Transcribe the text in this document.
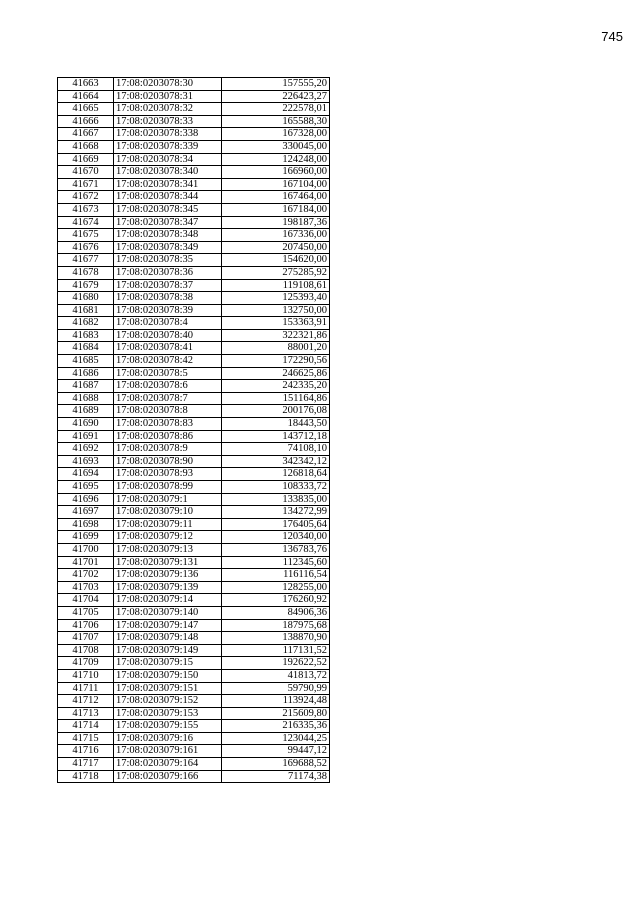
745
41663	17:08:0203078:30	157555,20
41664	17:08:0203078:31	226423,27
41665	17:08:0203078:32	222578,01
41666	17:08:0203078:33	165588,30
41667	17:08:0203078:338	167328,00
41668	17:08:0203078:339	330045,00
41669	17:08:0203078:34	124248,00
41670	17:08:0203078:340	166960,00
41671	17:08:0203078:341	167104,00
41672	17:08:0203078:344	167464,00
41673	17:08:0203078:345	167184,00
41674	17:08:0203078:347	198187,36
41675	17:08:0203078:348	167336,00
41676	17:08:0203078:349	207450,00
41677	17:08:0203078:35	154620,00
41678	17:08:0203078:36	275285,92
41679	17:08:0203078:37	119108,61
41680	17:08:0203078:38	125393,40
41681	17:08:0203078:39	132750,00
41682	17:08:0203078:4	153363,91
41683	17:08:0203078:40	322321,86
41684	17:08:0203078:41	88001,20
41685	17:08:0203078:42	172290,56
41686	17:08:0203078:5	246625,86
41687	17:08:0203078:6	242335,20
41688	17:08:0203078:7	151164,86
41689	17:08:0203078:8	200176,08
41690	17:08:0203078:83	18443,50
41691	17:08:0203078:86	143712,18
41692	17:08:0203078:9	74108,10
41693	17:08:0203078:90	342342,12
41694	17:08:0203078:93	126818,64
41695	17:08:0203078:99	108333,72
41696	17:08:0203079:1	133835,00
41697	17:08:0203079:10	134272,99
41698	17:08:0203079:11	176405,64
41699	17:08:0203079:12	120340,00
41700	17:08:0203079:13	136783,76
41701	17:08:0203079:131	112345,60
41702	17:08:0203079:136	116116,54
41703	17:08:0203079:139	128255,00
41704	17:08:0203079:14	176260,92
41705	17:08:0203079:140	84906,36
41706	17:08:0203079:147	187975,68
41707	17:08:0203079:148	138870,90
41708	17:08:0203079:149	117131,52
41709	17:08:0203079:15	192622,52
41710	17:08:0203079:150	41813,72
41711	17:08:0203079:151	59790,99
41712	17:08:0203079:152	113924,48
41713	17:08:0203079:153	215609,80
41714	17:08:0203079:155	216335,36
41715	17:08:0203079:16	123044,25
41716	17:08:0203079:161	99447,12
41717	17:08:0203079:164	169688,52
41718	17:08:0203079:166	71174,38
